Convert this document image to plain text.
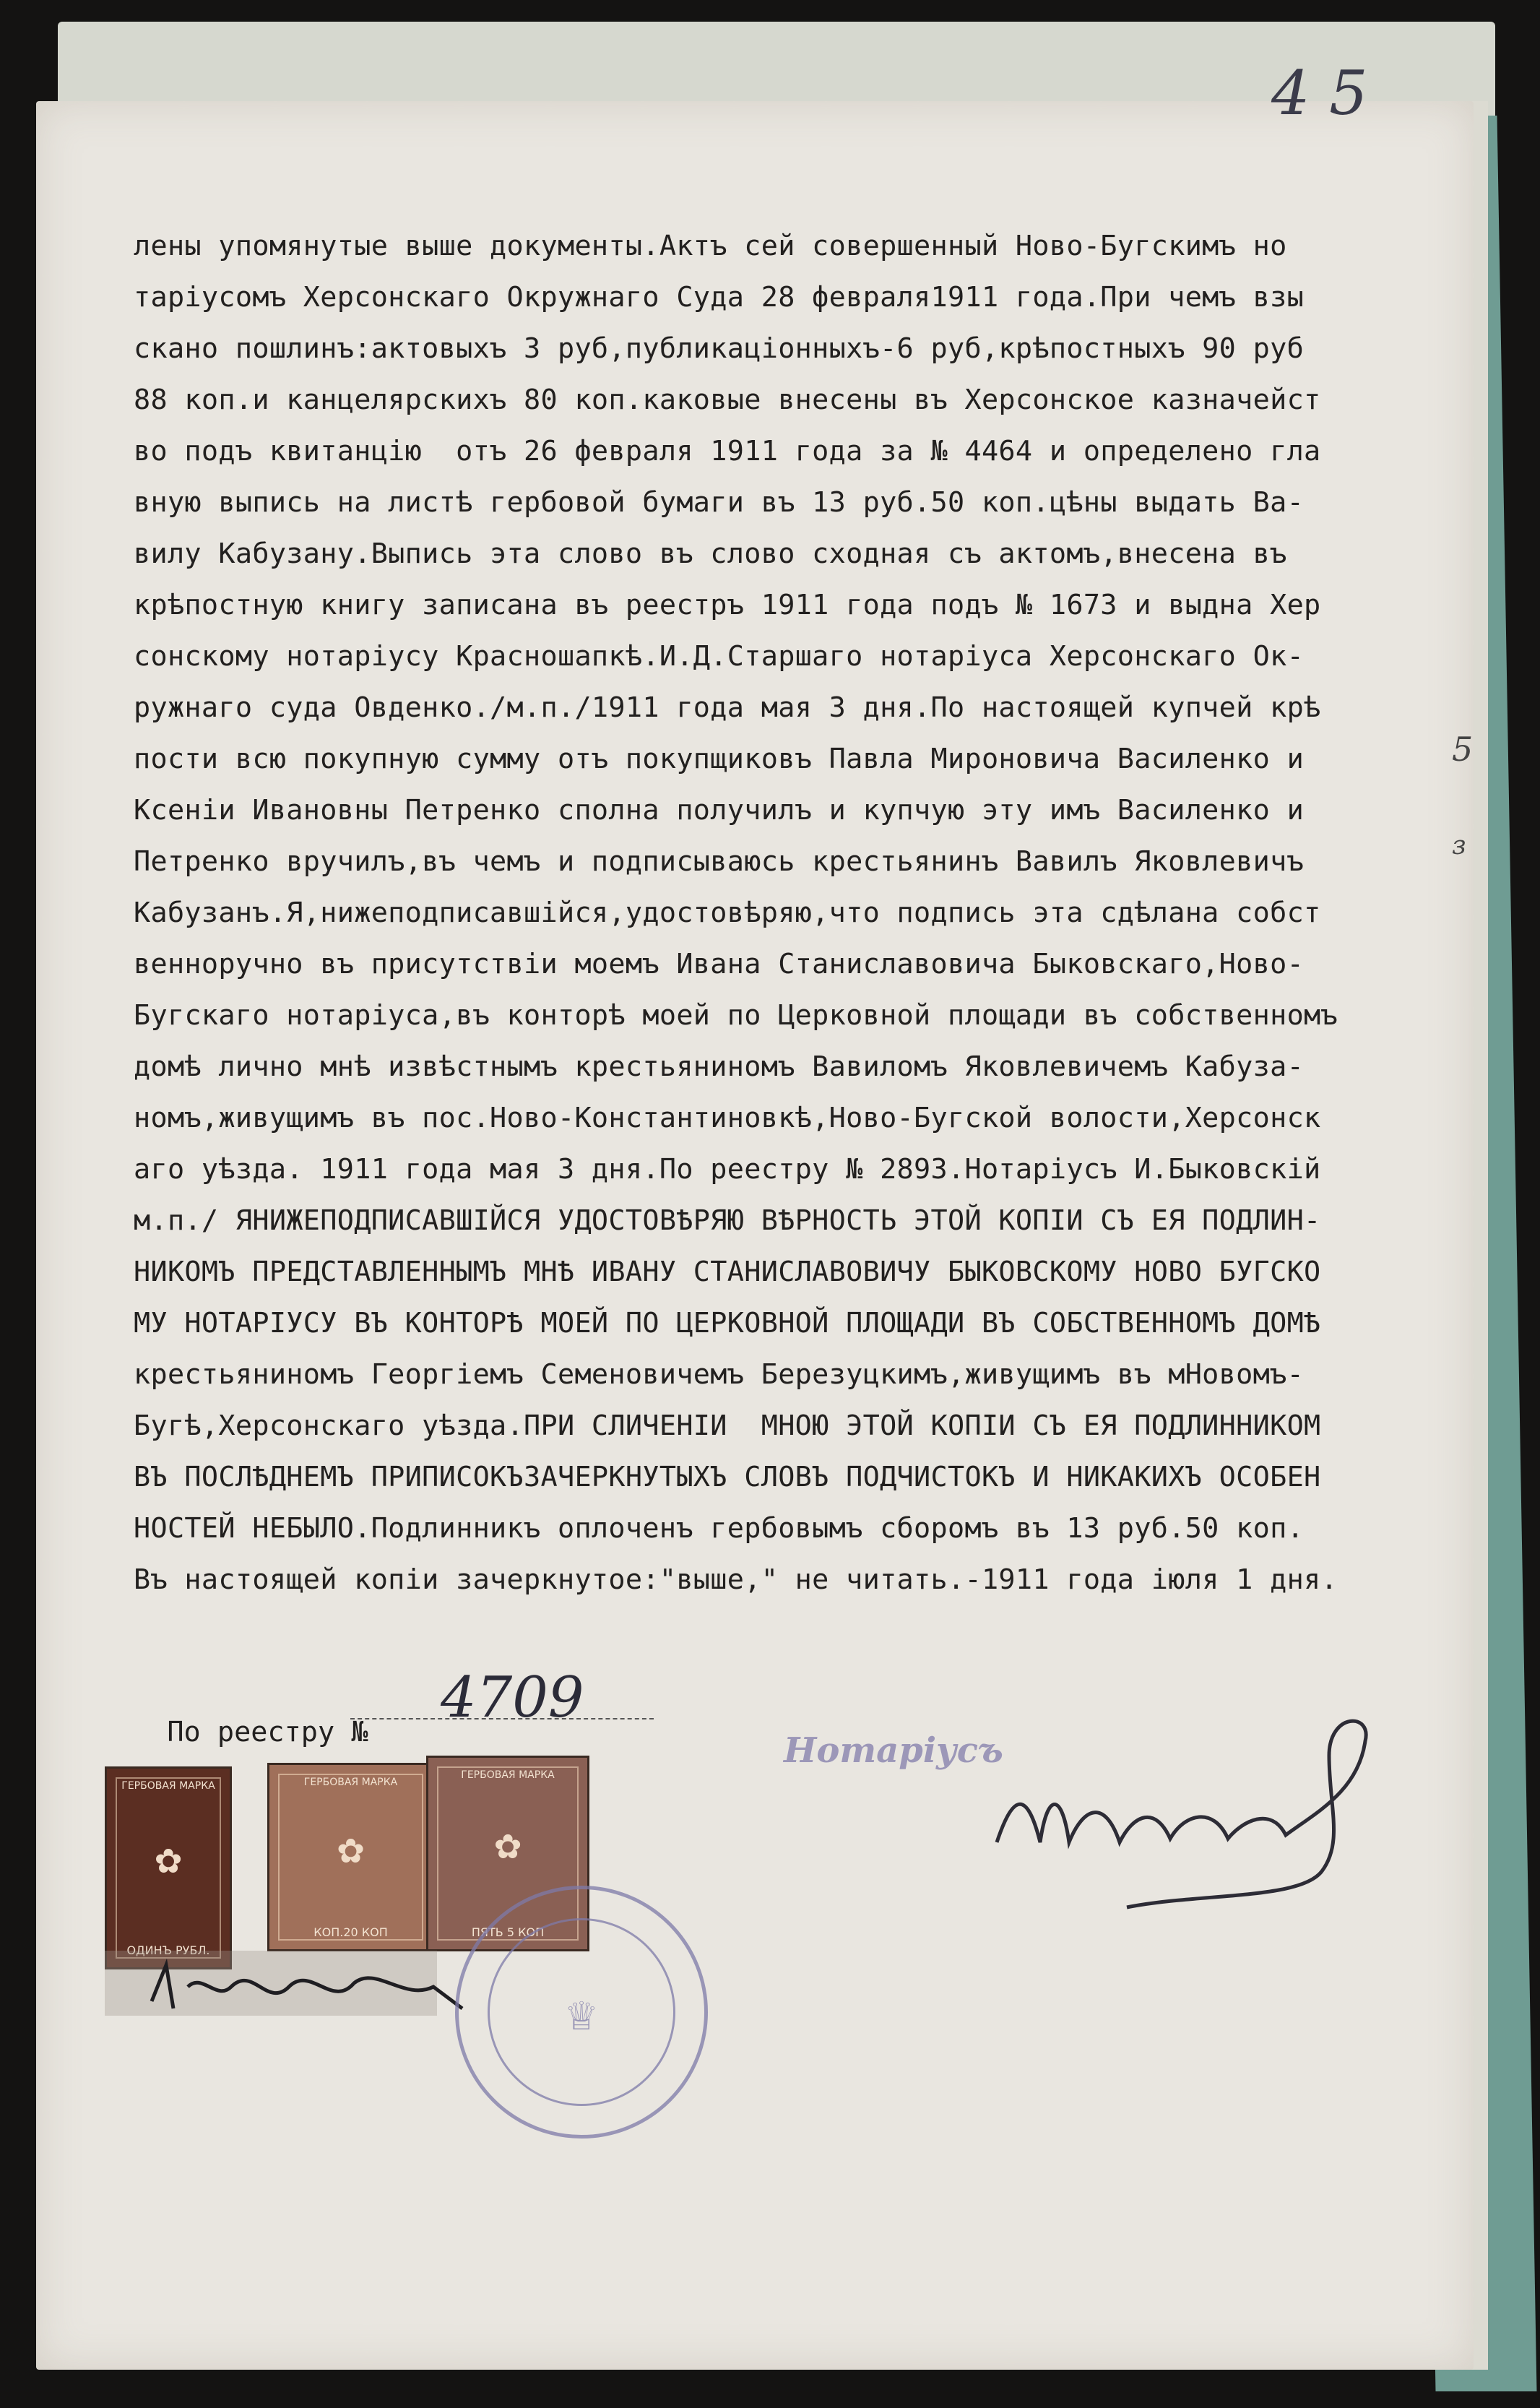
4 5
лены упомянутые выше документы.Актъ сей совершенный Ново-Бугскимъ но
таріусомъ Херсонскаго Окружнаго Суда 28 февраля1911 года.При чемъ взы
скано пошлинъ:актовыхъ 3 руб,публикаціонныхъ-6 руб,крѣпостныхъ 90 руб
88 коп.и канцелярскихъ 80 коп.каковые внесены въ Херсонское казначейст
во подъ квитанцію  отъ 26 февраля 1911 года за № 4464 и определено гла
вную выпись на листѣ гербовой бумаги въ 13 руб.50 коп.цѣны выдать Ва-
вилу Кабузану.Выпись эта слово въ слово сходная съ актомъ,внесена въ
крѣпостную книгу записана въ реестръ 1911 года подъ № 1673 и выдна Хер
сонскому нотаріусу Красношапкѣ.И.Д.Старшаго нотаріуса Херсонскаго Ок-
ружнаго суда Овденко./м.п./1911 года мая 3 дня.По настоящей купчей крѣ
пости всю покупную сумму отъ покупщиковъ Павла Мироновича Василенко и
Ксеніи Ивановны Петренко сполна получилъ и купчую эту имъ Василенко и
Петренко вручилъ,въ чемъ и подписываюсь крестьянинъ Вавилъ Яковлевичъ
Кабузанъ.Я,нижеподписавшійся,удостовѣряю,что подпись эта сдѣлана собст
венноручно въ присутствіи моемъ Ивана Станиславовича Быковскаго,Ново-
Бугскаго нотаріуса,въ конторѣ моей по Церковной площади въ собственномъ
домѣ лично мнѣ извѣстнымъ крестьяниномъ Вавиломъ Яковлевичемъ Кабуза-
номъ,живущимъ въ пос.Ново-Константиновкѣ,Ново-Бугской волости,Херсонск
аго уѣзда. 1911 года мая 3 дня.По реестру № 2893.Нотаріусъ И.Быковскій
м.п./ ЯНИЖЕПОДПИСАВШІЙСЯ УДОСТОВѢРЯЮ ВѢРНОСТЬ ЭТОЙ КОПІИ СЪ ЕЯ ПОДЛИН-
НИКОМЪ ПРЕДСТАВЛЕННЫМЪ МНѢ ИВАНУ СТАНИСЛАВОВИЧУ БЫКОВСКОМУ НОВО БУГСКО
МУ НОТАРІУСУ ВЪ КОНТОРѢ МОЕЙ ПО ЦЕРКОВНОЙ ПЛОЩАДИ ВЪ СОБСТВЕННОМЪ ДОМѢ
крестьяниномъ Георгіемъ Семеновичемъ Березуцкимъ,живущимъ въ мНовомъ-
Бугѣ,Херсонскаго уѣзда.ПРИ СЛИЧЕНІИ  МНОЮ ЭТОЙ КОПІИ СЪ ЕЯ ПОДЛИННИКОМ
ВЪ ПОСЛѢДНЕМЪ ПРИПИСОКЪЗАЧЕРКНУТЫХЪ СЛОВЪ ПОДЧИСТОКЪ И НИКАКИХЪ ОСОБЕН
НОСТЕЙ НЕБЫЛО.Подлинникъ оплоченъ гербовымъ сборомъ въ 13 руб.50 коп.
Въ настоящей копіи зачеркнутое:"выше," не читать.-1911 года іюля 1 дня.

По реестру №

4709

Нотаріусъ
ГЕРБОВАЯ МАРКА
✿
ОДИНЪ РУБЛ.
ГЕРБОВАЯ МАРКА
✿
КОП.20 КОП
ГЕРБОВАЯ МАРКА
✿
ПЯТЬ 5 КОП
♕
5
з
